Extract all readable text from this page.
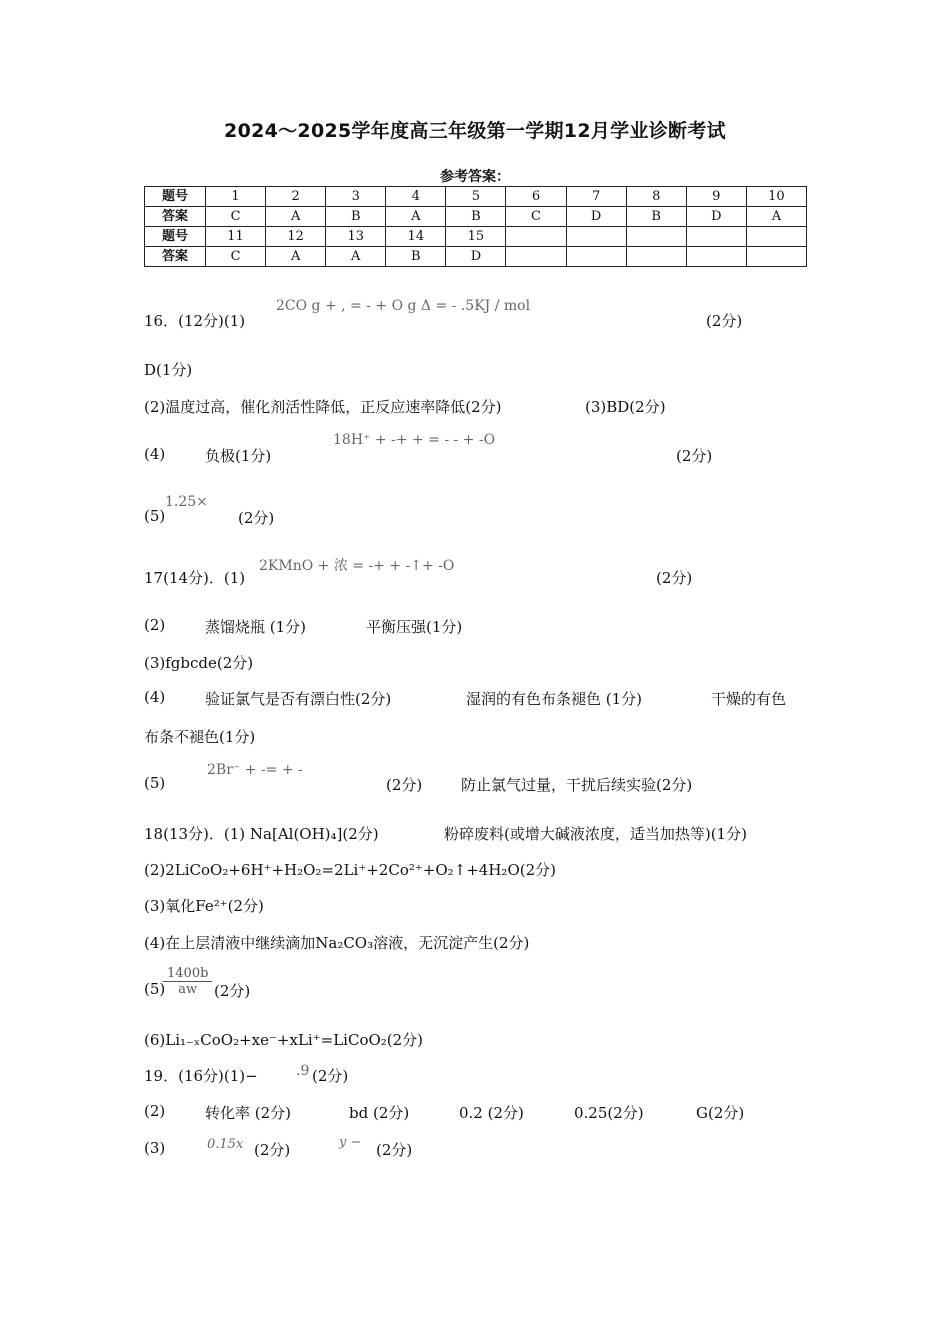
2024～2025学年度高三年级第一学期12月学业诊断考试
参考答案：
题号	1	2	3	4	5	6	7	8	9	10
答案	C	A	B	A	B	C	D	B	D	A
题号	11	12	13	14	15					
答案	C	A	A	B	D					
16．(12分)(1)
2CO g + , = - + O g Δ = - .5KJ / mol
(2分)
D(1分)
(2)温度过高，催化剂活性降低，正反应速率降低(2分)	(3)BD(2分)
(4)	负极(1分)
18H⁺ + -+ + = - - + -O
(2分)
(5)
1.25×
(2分)
17(14分)．(1)
2KMnO + 浓 = -+ + -↑+ -O
(2分)
(2)	蒸馏烧瓶 (1分)	平衡压强(1分)
(3)fgbcde(2分)
(4)	验证氯气是否有漂白性(2分)	湿润的有色布条褪色 (1分)	干燥的有色
布条不褪色(1分)
(5)
2Br⁻ + -= + -
(2分)	防止氯气过量，干扰后续实验(2分)
18(13分)．(1) Na[Al(OH)₄](2分)	粉碎废料(或增大碱液浓度，适当加热等)(1分)
(2)2LiCoO₂+6H⁺+H₂O₂=2Li⁺+2Co²⁺+O₂↑+4H₂O(2分)
(3)氧化Fe²⁺(2分)
(4)在上层清液中继续滴加Na₂CO₃溶液，无沉淀产生(2分)
(5)
$\frac{1400b}{aw} (2$分)
(6)Li₁₋ₓCoO₂+xe⁻+xLi⁺=LiCoO₂(2分)
19．(16分)(1)−	.9 (2分)
(2)	转化率 (2分)	bd (2分)	0.2 (2分)	0.25(2分)	G(2分)
(3)	0.15x (2分)	y − (2分)
